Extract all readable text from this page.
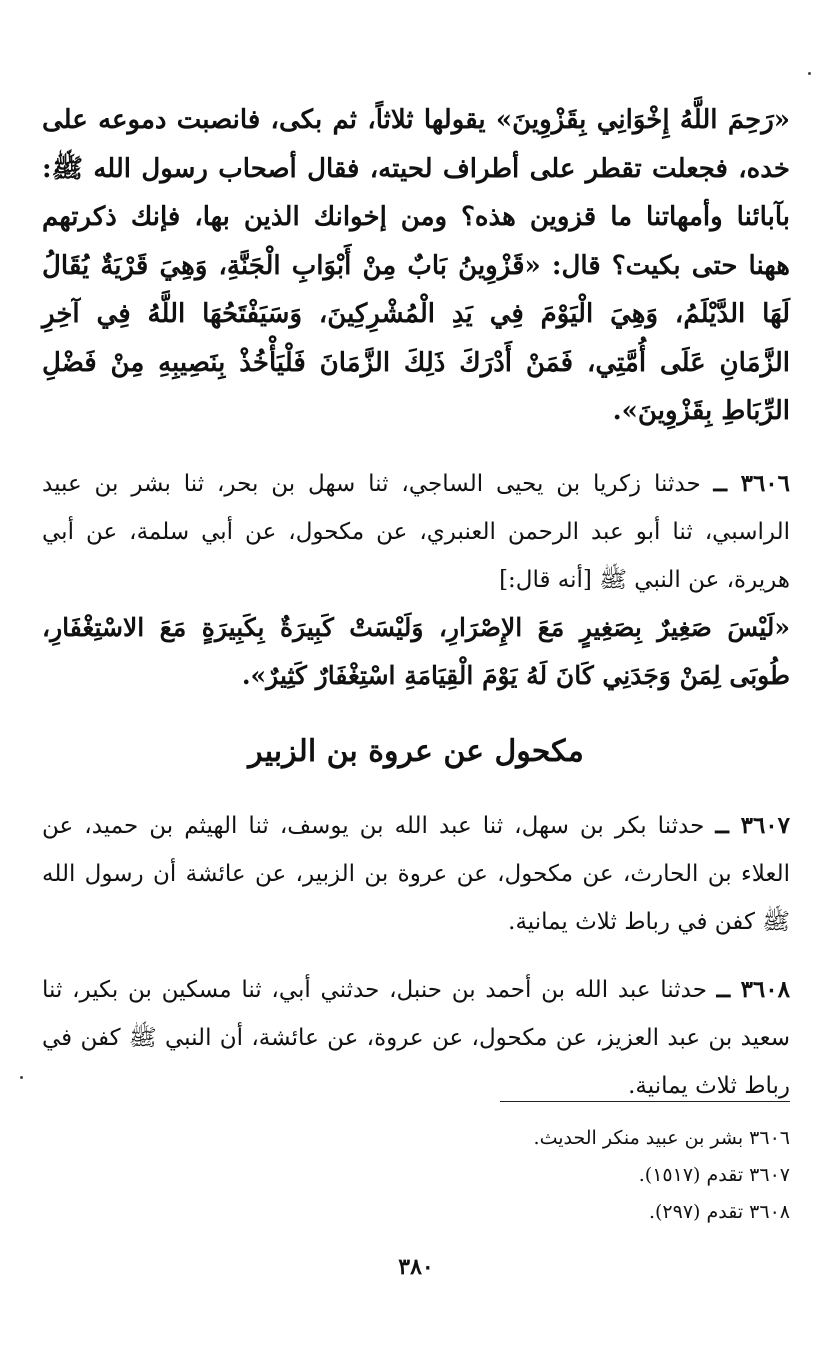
«رَحِمَ اللَّهُ إِخْوَانِي بِقَزْوِينَ» يقولها ثلاثاً، ثم بكى، فانصبت دموعه على خده، فجعلت تقطر على أطراف لحيته، فقال أصحاب رسول الله ﷺ: بآبائنا وأمهاتنا ما قزوين هذه؟ ومن إخوانك الذين بها، فإنك ذكرتهم ههنا حتى بكيت؟ قال: «قَزْوِينُ بَابٌ مِنْ أَبْوَابِ الْجَنَّةِ، وَهِيَ قَرْيَةٌ يُقَالُ لَهَا الدَّيْلَمُ، وَهِيَ الْيَوْمَ فِي يَدِ الْمُشْرِكِينَ، وَسَيَفْتَحُهَا اللَّهُ فِي آخِرِ الزَّمَانِ عَلَى أُمَّتِي، فَمَنْ أَدْرَكَ ذَلِكَ الزَّمَانَ فَلْيَأْخُذْ بِنَصِيبِهِ مِنْ فَضْلِ الرِّبَاطِ بِقَزْوِينَ».

٣٦٠٦ ــ حدثنا زكريا بن يحيى الساجي، ثنا سهل بن بحر، ثنا بشر بن عبيد الراسبي، ثنا أبو عبد الرحمن العنبري، عن مكحول، عن أبي سلمة، عن أبي هريرة، عن النبي ﷺ [أنه قال:]

«لَيْسَ صَغِيرٌ بِصَغِيرٍ مَعَ الإِصْرَارِ، وَلَيْسَتْ كَبِيرَةٌ بِكَبِيرَةٍ مَعَ الاسْتِغْفَارِ، طُوبَى لِمَنْ وَجَدَنِي كَانَ لَهُ يَوْمَ الْقِيَامَةِ اسْتِغْفَارٌ كَثِيرٌ».

مكحول عن عروة بن الزبير

٣٦٠٧ ــ حدثنا بكر بن سهل، ثنا عبد الله بن يوسف، ثنا الهيثم بن حميد، عن العلاء بن الحارث، عن مكحول، عن عروة بن الزبير، عن عائشة أن رسول الله ﷺ كفن في رباط ثلاث يمانية.

٣٦٠٨ ــ حدثنا عبد الله بن أحمد بن حنبل، حدثني أبي، ثنا مسكين بن بكير، ثنا سعيد بن عبد العزيز، عن مكحول، عن عروة، عن عائشة، أن النبي ﷺ كفن في رباط ثلاث يمانية.

٣٦٠٦ بشر بن عبيد منكر الحديث.
٣٦٠٧ تقدم (١٥١٧).
٣٦٠٨ تقدم (٢٩٧).
٣٨٠
